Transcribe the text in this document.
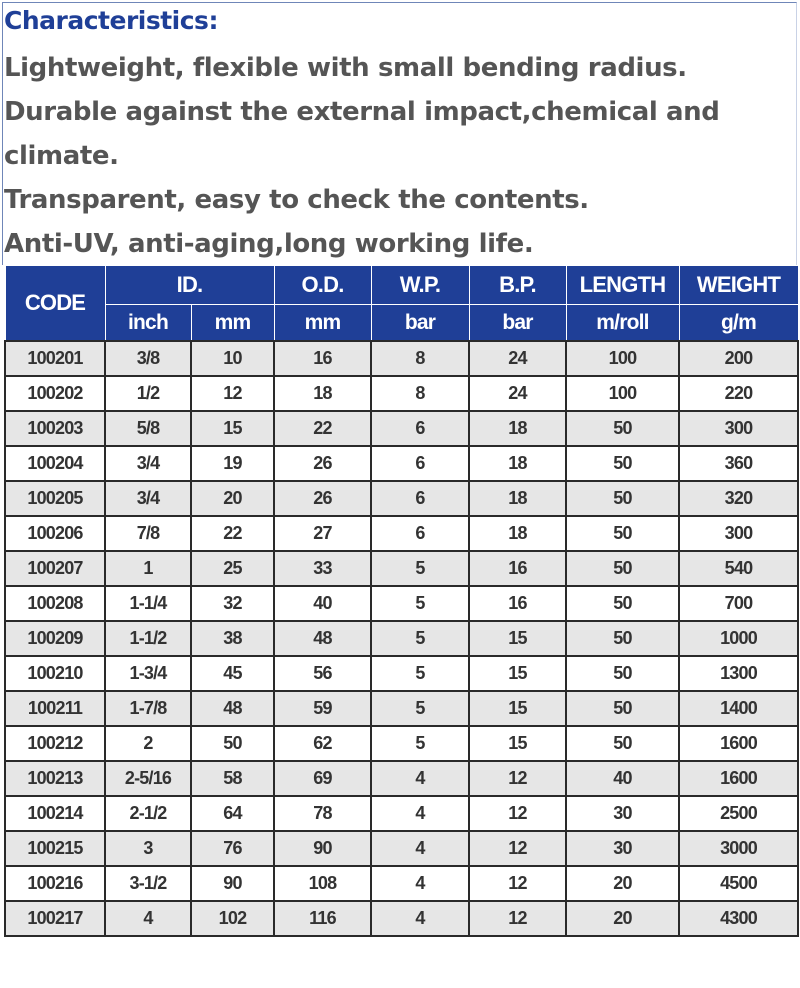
Characteristics:
Lightweight, flexible with small bending radius.
Durable against the external impact,chemical and
climate.
Transparent, easy to check the contents.
Anti-UV, anti-aging,long working life.
CODE	ID.		O.D.	W.P.	B.P.	LENGTH	WEIGHT
	inch	mm	mm	bar	bar	m/roll	g/m
100201	3/8	10	16	8	24	100	200
100202	1/2	12	18	8	24	100	220
100203	5/8	15	22	6	18	50	300
100204	3/4	19	26	6	18	50	360
100205	3/4	20	26	6	18	50	320
100206	7/8	22	27	6	18	50	300
100207	1	25	33	5	16	50	540
100208	1-1/4	32	40	5	16	50	700
100209	1-1/2	38	48	5	15	50	1000
100210	1-3/4	45	56	5	15	50	1300
100211	1-7/8	48	59	5	15	50	1400
100212	2	50	62	5	15	50	1600
100213	2-5/16	58	69	4	12	40	1600
100214	2-1/2	64	78	4	12	30	2500
100215	3	76	90	4	12	30	3000
100216	3-1/2	90	108	4	12	20	4500
100217	4	102	116	4	12	20	4300
